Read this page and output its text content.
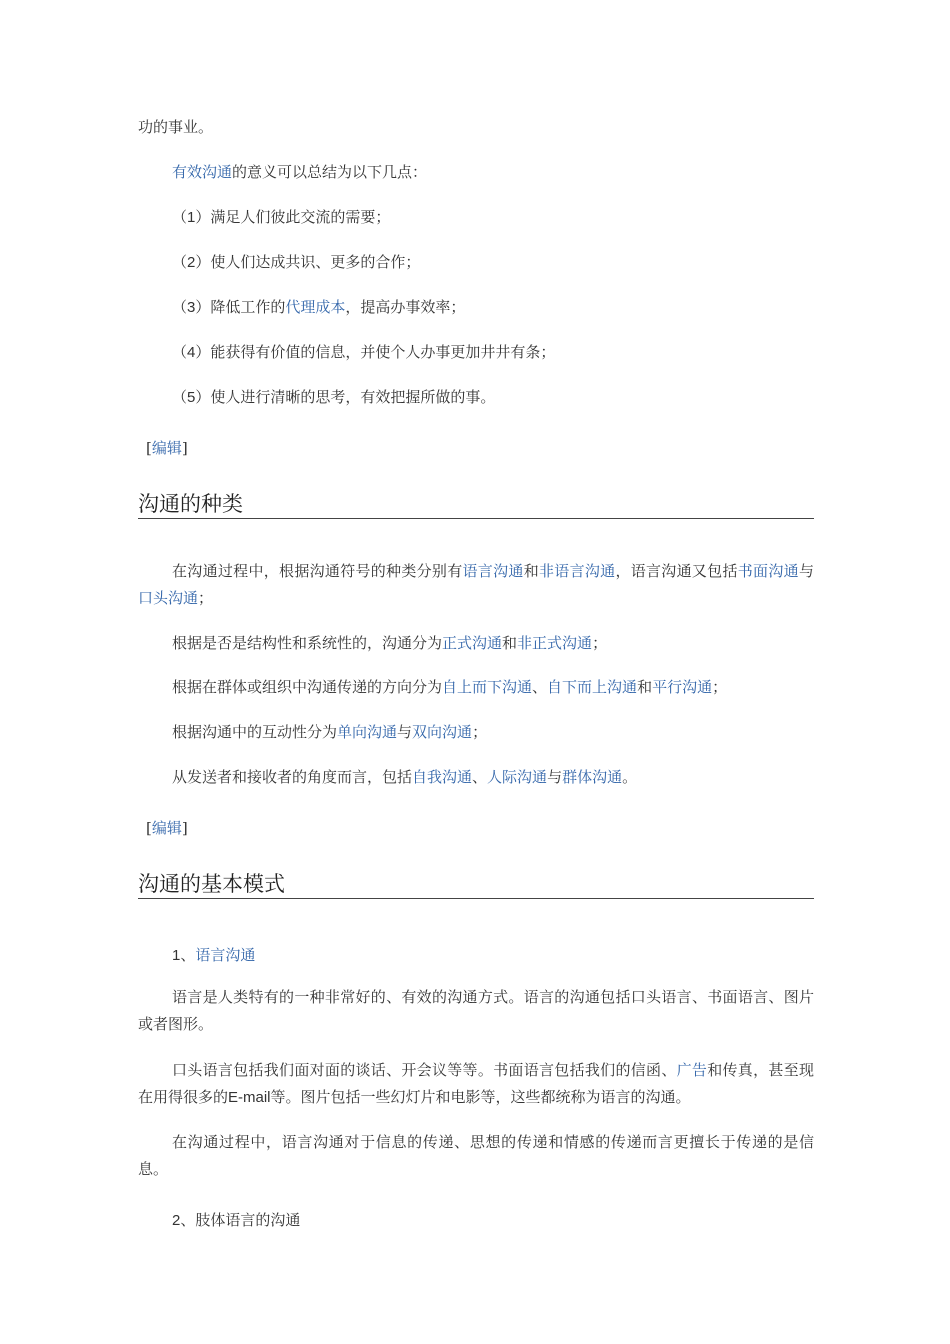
功的事业。
有效沟通的意义可以总结为以下几点：
（1）满足人们彼此交流的需要；
（2）使人们达成共识、更多的合作；
（3）降低工作的代理成本，提高办事效率；
（4）能获得有价值的信息，并使个人办事更加井井有条；
（5）使人进行清晰的思考，有效把握所做的事。
[编辑]
沟通的种类
在沟通过程中，根据沟通符号的种类分别有语言沟通和非语言沟通，语言沟通又包括书面沟通与口头沟通；
根据是否是结构性和系统性的，沟通分为正式沟通和非正式沟通；
根据在群体或组织中沟通传递的方向分为自上而下沟通、自下而上沟通和平行沟通；
根据沟通中的互动性分为单向沟通与双向沟通；
从发送者和接收者的角度而言，包括自我沟通、人际沟通与群体沟通。
[编辑]
沟通的基本模式
1、语言沟通
语言是人类特有的一种非常好的、有效的沟通方式。语言的沟通包括口头语言、书面语言、图片或者图形。
口头语言包括我们面对面的谈话、开会议等等。书面语言包括我们的信函、广告和传真，甚至现在用得很多的E-mail等。图片包括一些幻灯片和电影等，这些都统称为语言的沟通。
在沟通过程中，语言沟通对于信息的传递、思想的传递和情感的传递而言更擅长于传递的是信息。
2、肢体语言的沟通
